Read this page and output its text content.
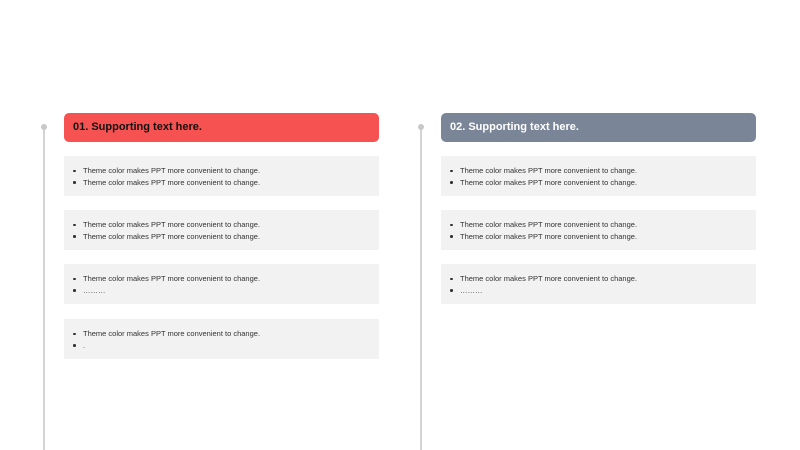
01. Supporting text here.
Theme color makes PPT more convenient to change.
Theme color makes PPT more convenient to change.
Theme color makes PPT more convenient to change.
Theme color makes PPT more convenient to change.
Theme color makes PPT more convenient to change.
………
Theme color makes PPT more convenient to change.
.
02. Supporting text here.
Theme color makes PPT more convenient to change.
Theme color makes PPT more convenient to change.
Theme color makes PPT more convenient to change.
Theme color makes PPT more convenient to change.
Theme color makes PPT more convenient to change.
………
